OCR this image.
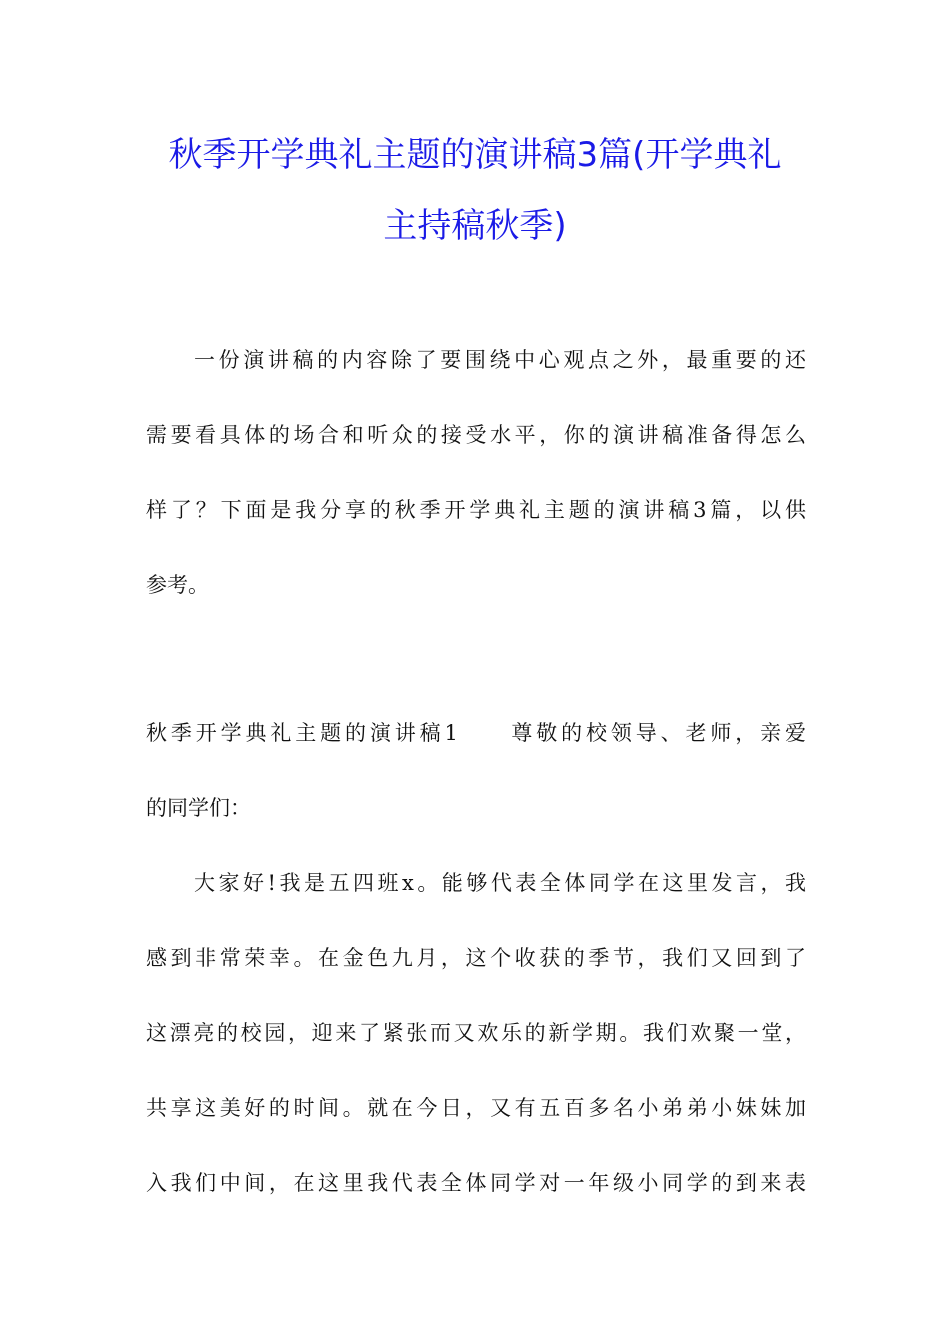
秋季开学典礼主题的演讲稿3篇(开学典礼
主持稿秋季)
一份演讲稿的内容除了要围绕中心观点之外，最重要的还
需要看具体的场合和听众的接受水平，你的演讲稿准备得怎么
样了？下面是我分享的秋季开学典礼主题的演讲稿3篇，以供
参考。
秋季开学典礼主题的演讲稿1　　尊敬的校领导、老师，亲爱
的同学们：
大家好!我是五四班x。能够代表全体同学在这里发言，我
感到非常荣幸。在金色九月，这个收获的季节，我们又回到了
这漂亮的校园，迎来了紧张而又欢乐的新学期。我们欢聚一堂，
共享这美好的时间。就在今日，又有五百多名小弟弟小妹妹加
入我们中间，在这里我代表全体同学对一年级小同学的到来表
